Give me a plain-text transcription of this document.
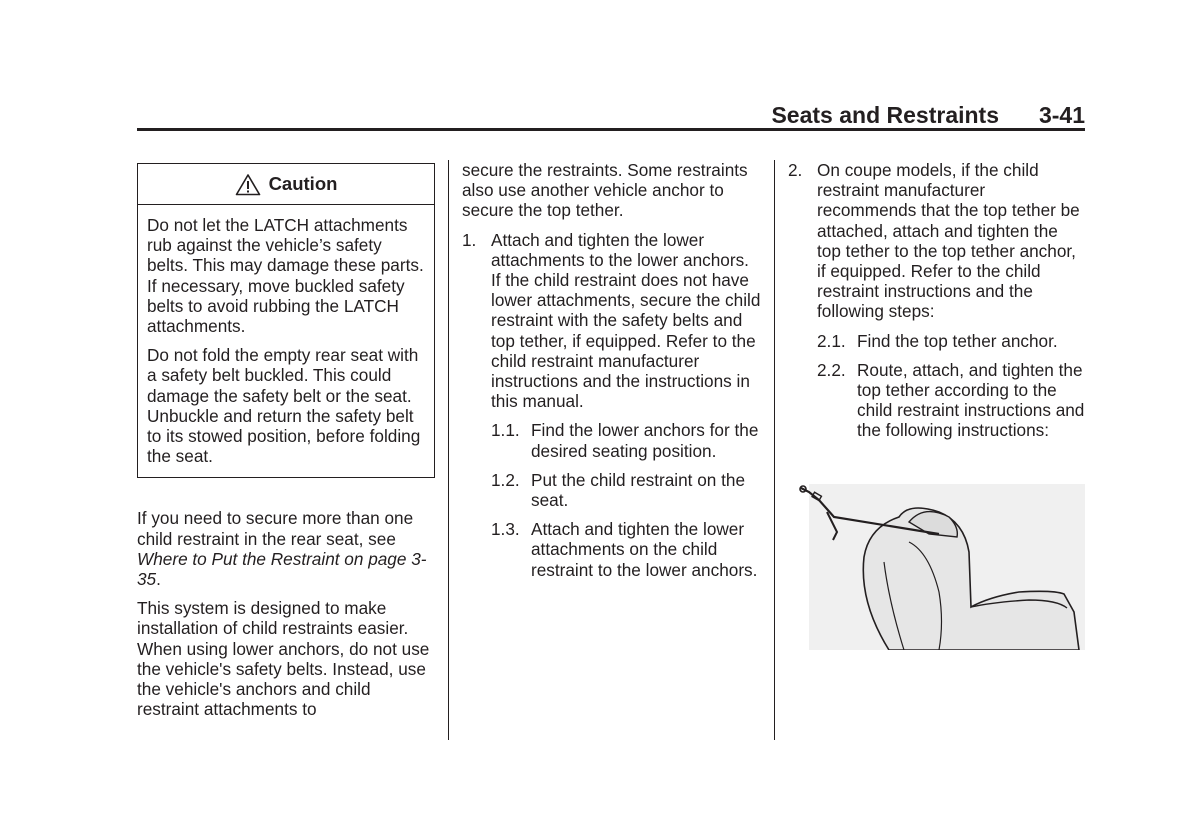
Seats and Restraints 3-41
Caution

Do not let the LATCH attachments rub against the vehicle’s safety belts. This may damage these parts. If necessary, move buckled safety belts to avoid rubbing the LATCH attachments.

Do not fold the empty rear seat with a safety belt buckled. This could damage the safety belt or the seat. Unbuckle and return the safety belt to its stowed position, before folding the seat.

If you need to secure more than one child restraint in the rear seat, see Where to Put the Restraint on page 3-35.

This system is designed to make installation of child restraints easier. When using lower anchors, do not use the vehicle's safety belts. Instead, use the vehicle's anchors and child restraint attachments to

secure the restraints. Some restraints also use another vehicle anchor to secure the top tether.

1. Attach and tighten the lower attachments to the lower anchors. If the child restraint does not have lower attachments, secure the child restraint with the safety belts and top tether, if equipped. Refer to the child restraint manufacturer instructions and the instructions in this manual.
1.1. Find the lower anchors for the desired seating position.
1.2. Put the child restraint on the seat.
1.3. Attach and tighten the lower attachments on the child restraint to the lower anchors.
2. On coupe models, if the child restraint manufacturer recommends that the top tether be attached, attach and tighten the top tether to the top tether anchor, if equipped. Refer to the child restraint instructions and the following steps:
2.1. Find the top tether anchor.
2.2. Route, attach, and tighten the top tether according to the child restraint instructions and the following instructions:
